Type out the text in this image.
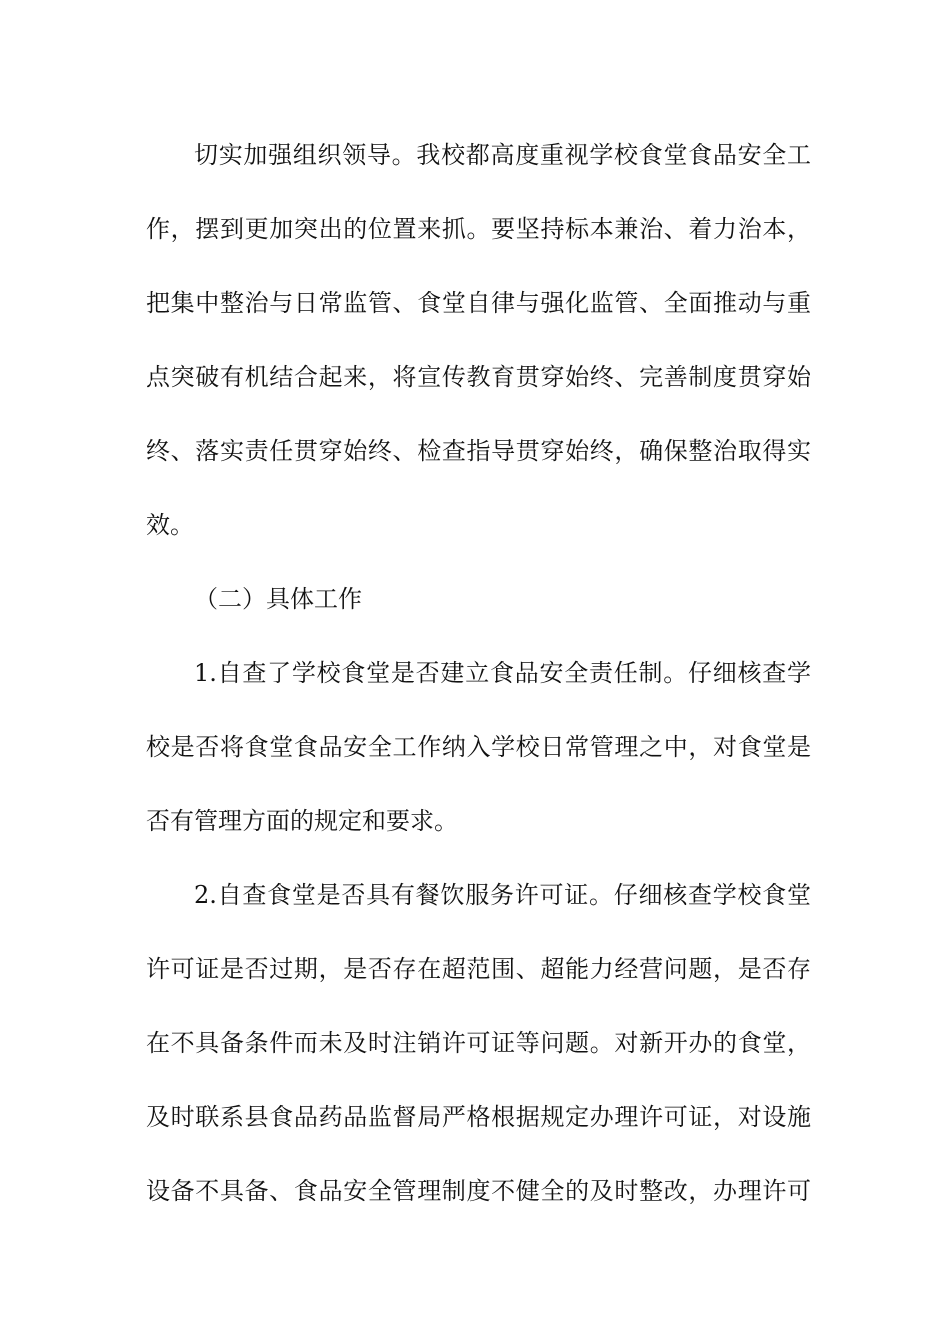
切实加强组织领导。我校都高度重视学校食堂食品安全工
作，摆到更加突出的位置来抓。要坚持标本兼治、着力治本，
把集中整治与日常监管、食堂自律与强化监管、全面推动与重
点突破有机结合起来，将宣传教育贯穿始终、完善制度贯穿始
终、落实责任贯穿始终、检查指导贯穿始终，确保整治取得实
效。
（二）具体工作
1.自查了学校食堂是否建立食品安全责任制。仔细核查学
校是否将食堂食品安全工作纳入学校日常管理之中，对食堂是
否有管理方面的规定和要求。
2.自查食堂是否具有餐饮服务许可证。仔细核查学校食堂
许可证是否过期，是否存在超范围、超能力经营问题，是否存
在不具备条件而未及时注销许可证等问题。对新开办的食堂，
及时联系县食品药品监督局严格根据规定办理许可证，对设施
设备不具备、食品安全管理制度不健全的及时整改，办理许可
